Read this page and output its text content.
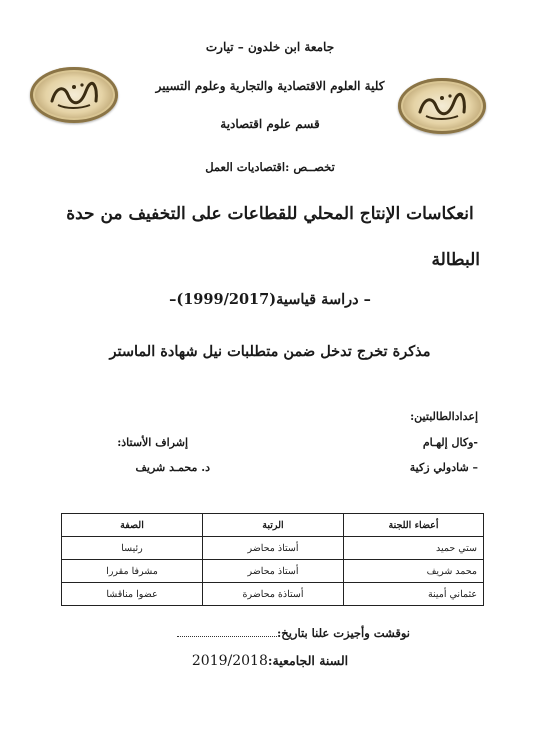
جامعة ابن خلدون – تيارت
كلية العلوم الاقتصادية والتجارية وعلوم التسيير
قسم علوم اقتصادية
تخصــص :اقتصاديات العمل
انعكاسات الإنتاج المحلي للقطاعات على التخفيف من حدة
البطالة
– دراسة قياسية(1999/2017)–
مذكرة تخرج تدخل ضمن متطلبات نيل شهادة الماستر
إعدادالطالبتين:
-وكال إلهـام
– شادولي زكية
إشراف الأستاذ:
د. محمـد شريف
أعضاء اللجنة	الرتبة	الصفة
ستي حميد	أستاذ محاضر	رئيسا
محمد شريف	أستاذ محاضر	مشرفا مقررا
عثماني أمينة	أستاذة محاضرة	عضوا مناقشا
نوقشت وأجيزت علنا بتاريخ:
السنة الجامعية:2019/2018
